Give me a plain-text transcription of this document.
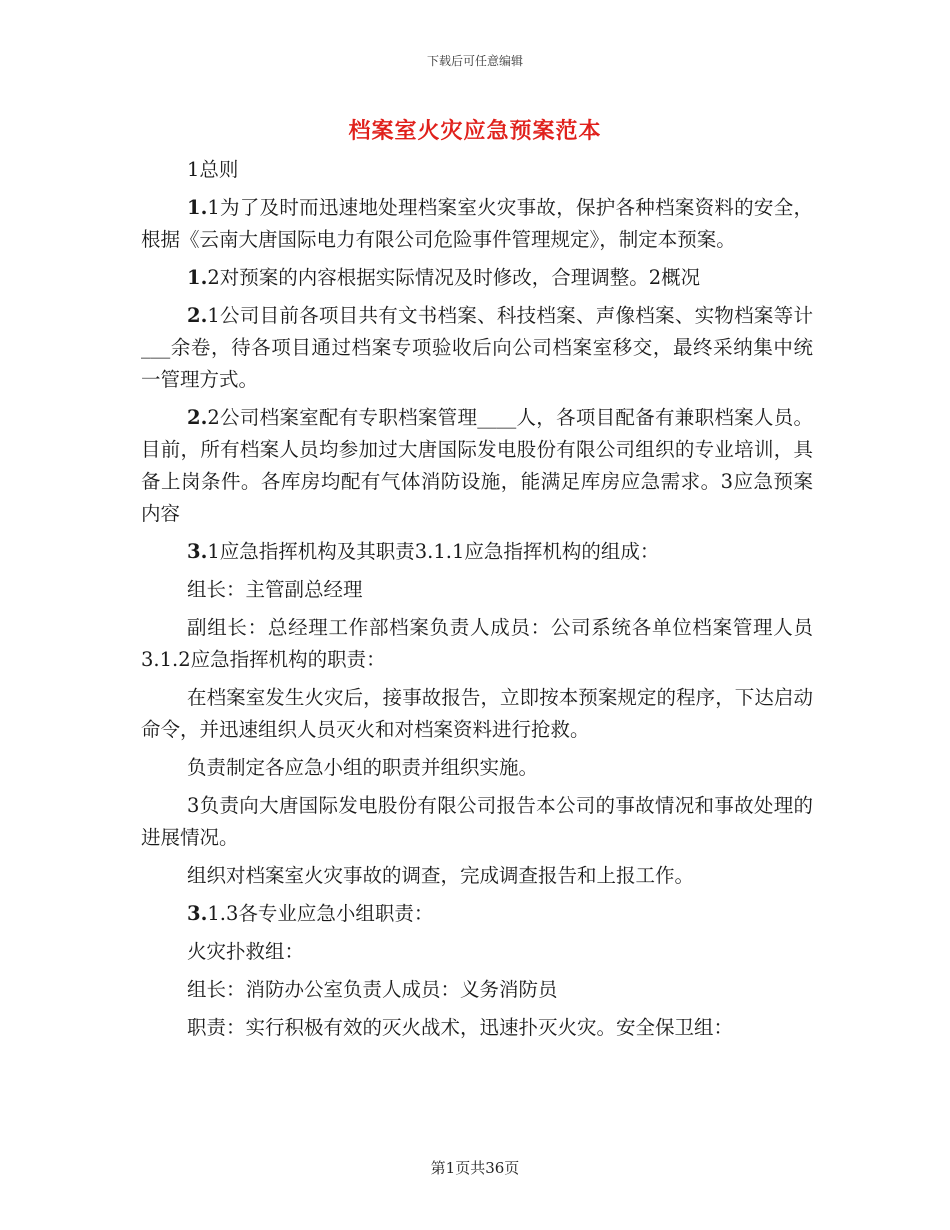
下载后可任意编辑
档案室火灾应急预案范本

1总则

1.1为了及时而迅速地处理档案室火灾事故，保护各种档案资料的安全，根据《云南大唐国际电力有限公司危险事件管理规定》，制定本预案。

1.2对预案的内容根据实际情况及时修改，合理调整。2概况

2.1公司目前各项目共有文书档案、科技档案、声像档案、实物档案等计___余卷，待各项目通过档案专项验收后向公司档案室移交，最终采纳集中统一管理方式。

2.2公司档案室配有专职档案管理____人，各项目配备有兼职档案人员。目前，所有档案人员均参加过大唐国际发电股份有限公司组织的专业培训，具备上岗条件。各库房均配有气体消防设施，能满足库房应急需求。3应急预案内容

3.1应急指挥机构及其职责3.1.1应急指挥机构的组成：

组长：主管副总经理

副组长：总经理工作部档案负责人成员：公司系统各单位档案管理人员3.1.2应急指挥机构的职责：

在档案室发生火灾后，接事故报告，立即按本预案规定的程序，下达启动命令，并迅速组织人员灭火和对档案资料进行抢救。

负责制定各应急小组的职责并组织实施。

3负责向大唐国际发电股份有限公司报告本公司的事故情况和事故处理的进展情况。

组织对档案室火灾事故的调查，完成调查报告和上报工作。

3.1.3各专业应急小组职责：

火灾扑救组：

组长：消防办公室负责人成员：义务消防员

职责：实行积极有效的灭火战术，迅速扑灭火灾。安全保卫组：

第1页共36页
